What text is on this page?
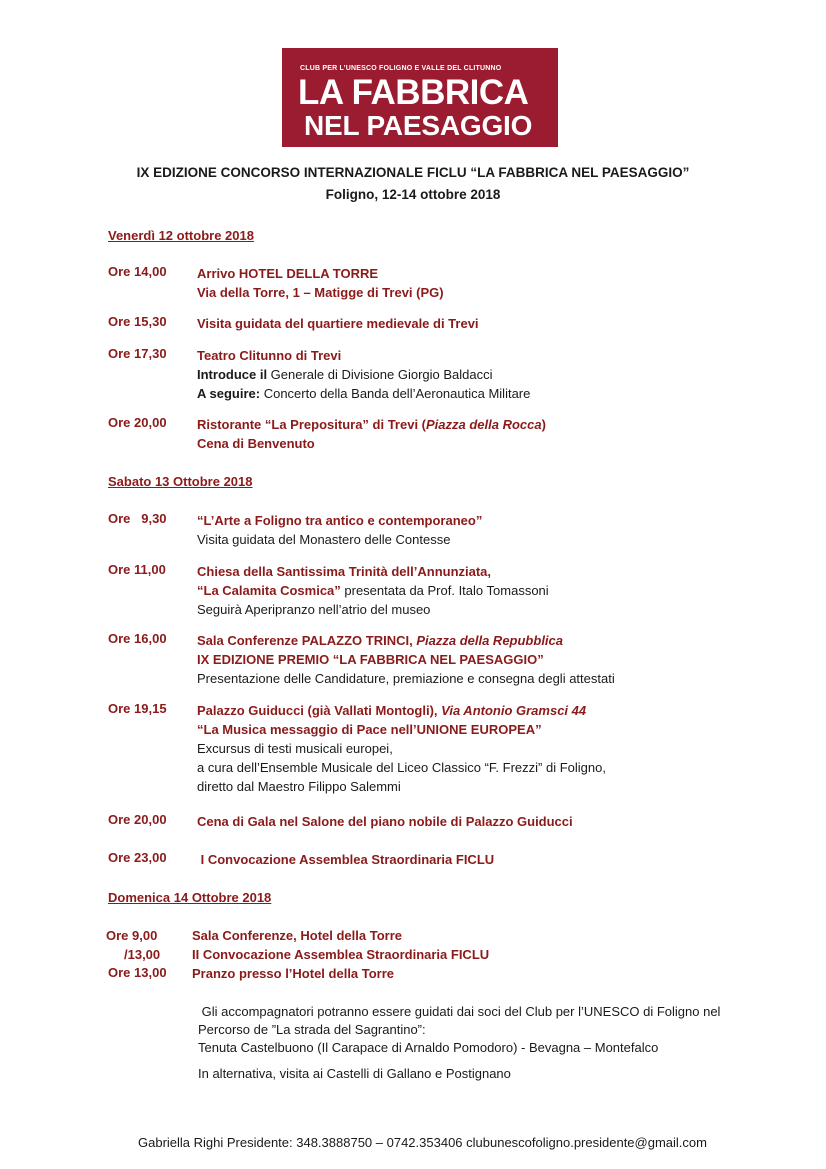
CLUB PER L’UNESCO FOLIGNO E VALLE DEL CLITUNNO
LA FABBRICA
NEL PAESAGGIO
IX EDIZIONE CONCORSO INTERNAZIONALE FICLU “LA FABBRICA NEL PAESAGGIO”
Foligno, 12-14 ottobre 2018
Venerdì 12 ottobre 2018
Ore 14,00 Arrivo HOTEL DELLA TORRE
Via della Torre, 1 – Matigge di Trevi (PG)
Ore 15,30 Visita guidata del quartiere medievale di Trevi
Ore 17,30 Teatro Clitunno di Trevi
Introduce il Generale di Divisione Giorgio Baldacci
A seguire: Concerto della Banda dell’Aeronautica Militare
Ore 20,00 Ristorante “La Prepositura” di Trevi (Piazza della Rocca)
Cena di Benvenuto
Sabato 13 Ottobre 2018
Ore   9,30 “L’Arte a Foligno tra antico e contemporaneo”
Visita guidata del Monastero delle Contesse
Ore 11,00 Chiesa della Santissima Trinità dell’Annunziata,
“La Calamita Cosmica” presentata da Prof. Italo Tomassoni
Seguirà Aperipranzo nell’atrio del museo
Ore 16,00 Sala Conferenze PALAZZO TRINCI, Piazza della Repubblica
IX EDIZIONE PREMIO “LA FABBRICA NEL PAESAGGIO”
Presentazione delle Candidature, premiazione e consegna degli attestati
Ore 19,15 Palazzo Guiducci (già Vallati Montogli), Via Antonio Gramsci 44
“La Musica messaggio di Pace nell’UNIONE EUROPEA”
Excursus di testi musicali europei,
a cura dell’Ensemble Musicale del Liceo Classico “F. Frezzi” di Foligno,
diretto dal Maestro Filippo Salemmi
Ore 20,00 Cena di Gala nel Salone del piano nobile di Palazzo Guiducci
Ore 23,00 I Convocazione Assemblea Straordinaria FICLU
Domenica 14 Ottobre 2018
Ore 9,00
/13,00
Ore 13,00
Sala Conferenze, Hotel della Torre
II Convocazione Assemblea Straordinaria FICLU
Pranzo presso l’Hotel della Torre
Gli accompagnatori potranno essere guidati dai soci del Club per l’UNESCO di Foligno nel
Percorso de ”La strada del Sagrantino”:
Tenuta Castelbuono (Il Carapace di Arnaldo Pomodoro) - Bevagna – Montefalco
In alternativa, visita ai Castelli di Gallano e Postignano
Gabriella Righi Presidente: 348.3888750 – 0742.353406 clubunescofoligno.presidente@gmail.com
